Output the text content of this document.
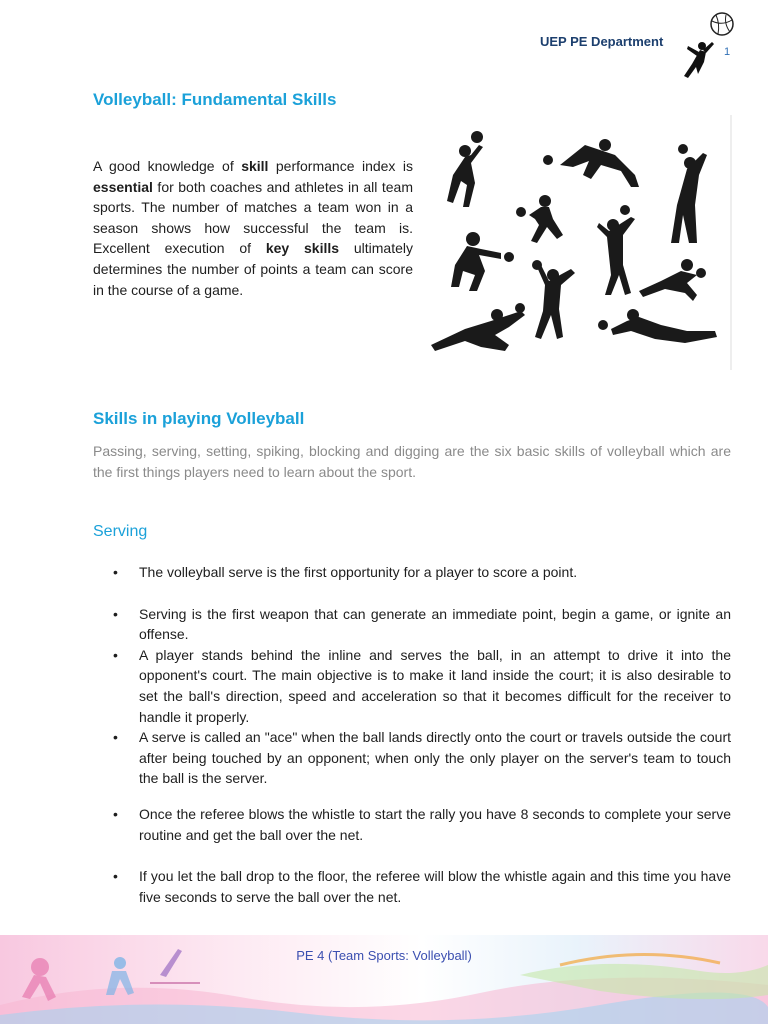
UEP PE Department
1
Volleyball: Fundamental Skills

A good knowledge of skill performance index is essential for both coaches and athletes in all team sports. The number of matches a team won in a season shows how successful the team is. Excellent execution of key skills ultimately determines the number of points a team can score in the course of a game.

Skills in playing Volleyball

Passing, serving, setting, spiking, blocking and digging are the six basic skills of volleyball which are the first things players need to learn about the sport.

Serving
• The volleyball serve is the first opportunity for a player to score a point.
• Serving is the first weapon that can generate an immediate point, begin a game, or ignite an offense.
• A player stands behind the inline and serves the ball, in an attempt to drive it into the opponent's court. The main objective is to make it land inside the court; it is also desirable to set the ball's direction, speed and acceleration so that it becomes difficult for the receiver to handle it properly.
• A serve is called an "ace" when the ball lands directly onto the court or travels outside the court after being touched by an opponent; when only the only player on the server's team to touch the ball is the server.
• Once the referee blows the whistle to start the rally you have 8 seconds to complete your serve routine and get the ball over the net.
• If you let the ball drop to the floor, the referee will blow the whistle again and this time you have five seconds to serve the ball over the net.
PE 4 (Team Sports: Volleyball)
